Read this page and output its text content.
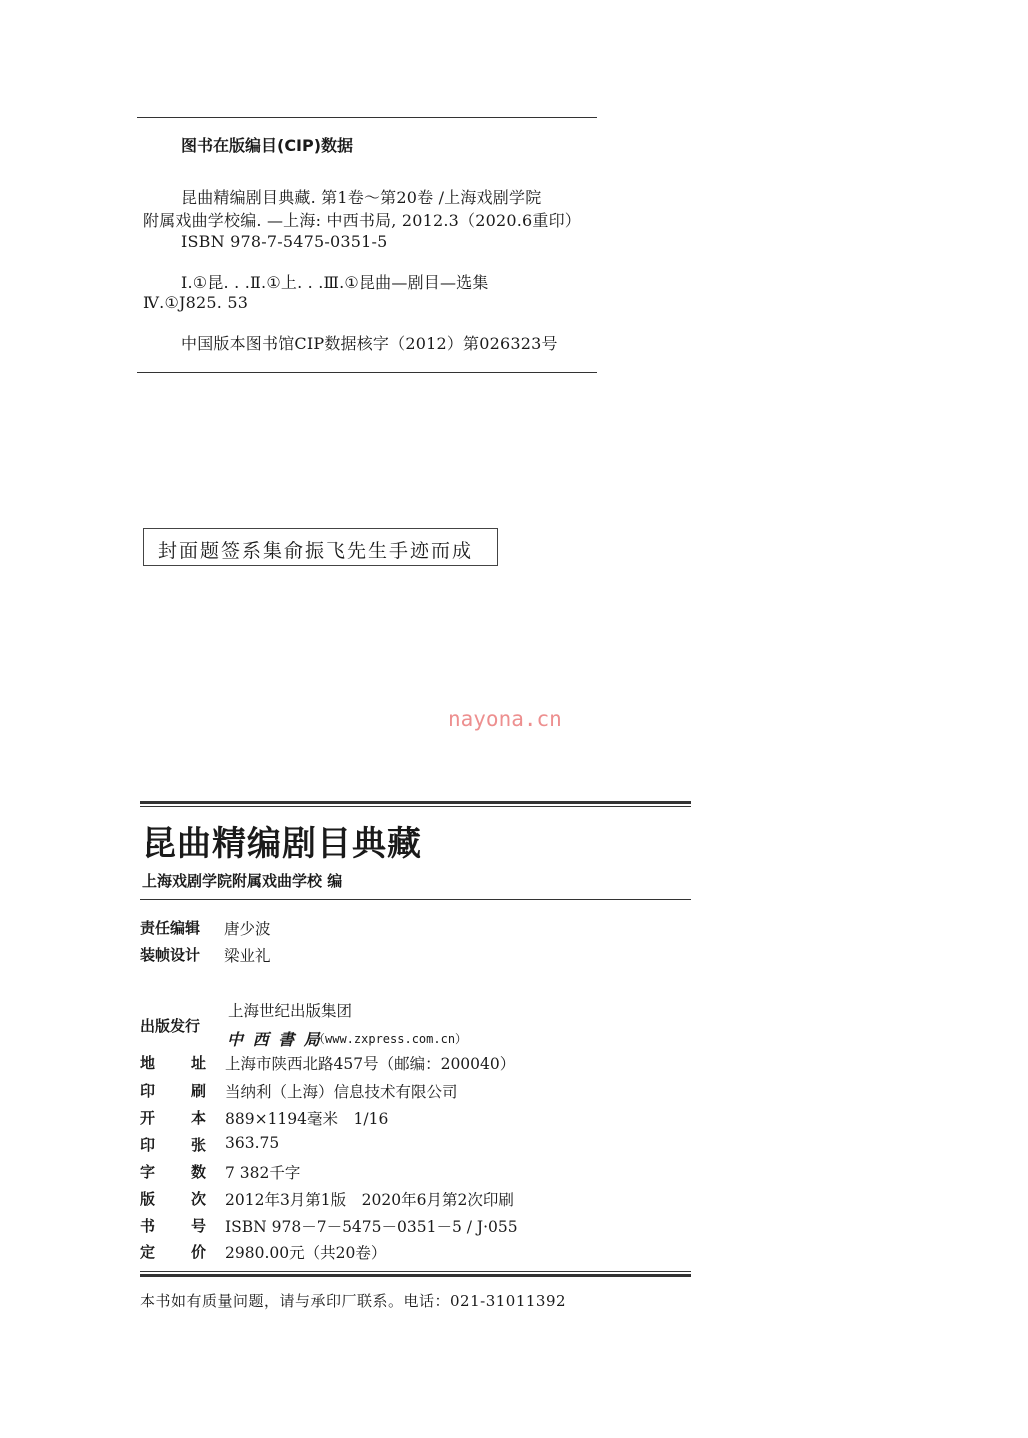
图书在版编目(CIP)数据
昆曲精编剧目典藏. 第1卷～第20卷 /上海戏剧学院
附属戏曲学校编. —上海: 中西书局, 2012.3（2020.6重印）
ISBN 978-7-5475-0351-5
Ⅰ.①昆. . .Ⅱ.①上. . .Ⅲ.①昆曲—剧目—选集
Ⅳ.①J825. 53
中国版本图书馆CIP数据核字（2012）第026323号
封面题签系集俞振飞先生手迹而成
nayona.cn
昆曲精编剧目典藏
上海戏剧学院附属戏曲学校 编
责任编辑 唐少波
装帧设计 梁业礼
上海世纪出版集团
出版发行
中 西 書 局
（www.zxpress.com.cn）
地 址 上海市陕西北路457号（邮编：200040）
印 刷 当纳利（上海）信息技术有限公司
开 本 889×1194毫米　1/16
印 张 363.75
字 数 7 382千字
版 次 2012年3月第1版　2020年6月第2次印刷
书 号 ISBN 978－7－5475－0351－5 / J·055
定 价 2980.00元（共20卷）
本书如有质量问题，请与承印厂联系。电话：021-31011392
